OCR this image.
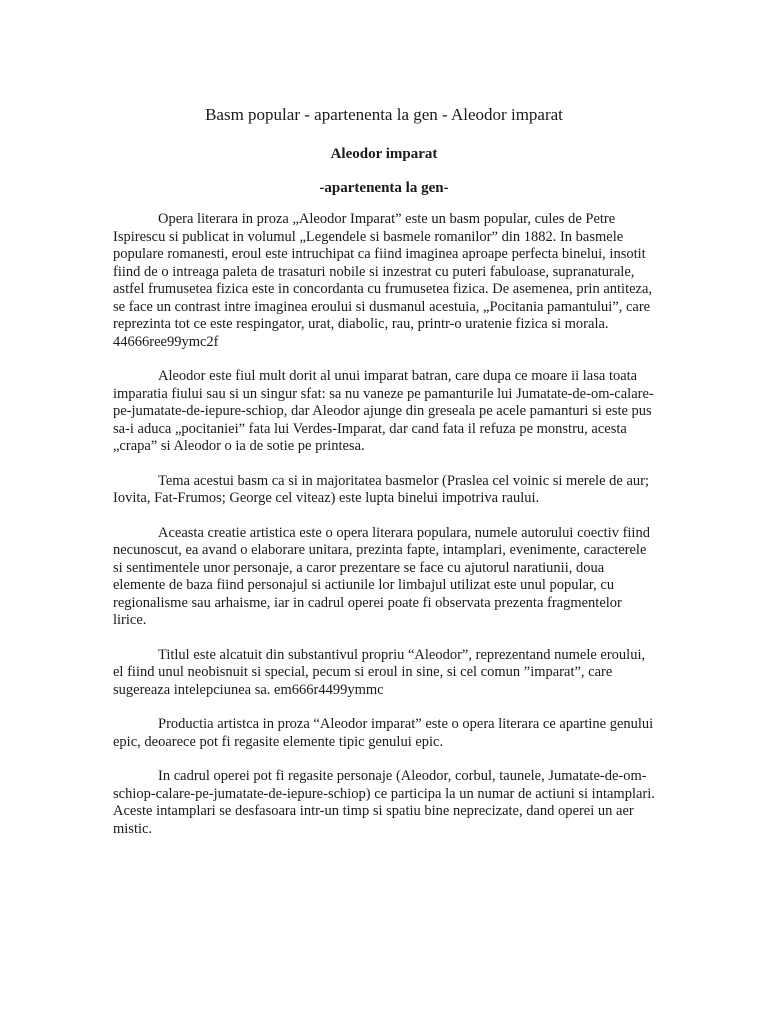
Basm popular - apartenenta la gen - Aleodor imparat
Aleodor imparat
-apartenenta la gen-

Opera literara in proza „Aleodor Imparat” este un basm popular, cules de Petre Ispirescu si publicat in volumul „Legendele si basmele romanilor” din 1882. In basmele populare romanesti, eroul este intruchipat ca fiind imaginea aproape perfecta binelui, insotit fiind de o intreaga paleta de trasaturi nobile si inzestrat cu puteri fabuloase, supranaturale, astfel frumusetea fizica este in concordanta cu frumusetea fizica. De asemenea, prin antiteza, se face un contrast intre imaginea eroului si dusmanul acestuia, „Pocitania pamantului”, care reprezinta tot ce este respingator, urat, diabolic, rau, printr-o uratenie fizica si morala. 44666ree99ymc2f

Aleodor este fiul mult dorit al unui imparat batran, care dupa ce moare ii lasa toata imparatia fiului sau si un singur sfat: sa nu vaneze pe pamanturile lui Jumatate-de-om-calare-pe-jumatate-de-iepure-schiop, dar Aleodor ajunge din greseala pe acele pamanturi si este pus sa-i aduca „pocitaniei” fata lui Verdes-Imparat, dar cand fata il refuza pe monstru, acesta „crapa” si Aleodor o ia de sotie pe printesa.

Tema acestui basm ca si in majoritatea basmelor (Praslea cel voinic si merele de aur; Iovita, Fat-Frumos; George cel viteaz) este lupta binelui impotriva raului.

Aceasta creatie artistica este o opera literara populara, numele autorului coectiv fiind necunoscut, ea avand o elaborare unitara, prezinta fapte, intamplari, evenimente, caracterele si sentimentele unor personaje, a caror prezentare se face cu ajutorul naratiunii, doua elemente de baza fiind personajul si actiunile lor limbajul utilizat este unul popular, cu regionalisme sau arhaisme, iar in cadrul operei poate fi observata prezenta fragmentelor lirice.

Titlul este alcatuit din substantivul propriu “Aleodor”, reprezentand numele eroului, el fiind unul neobisnuit si special, pecum si eroul in sine, si cel comun ”imparat”, care sugereaza intelepciunea sa. em666r4499ymmc

Productia artistca in proza “Aleodor imparat” este o opera literara ce apartine genului epic, deoarece pot fi regasite elemente tipic genului epic.

In cadrul operei pot fi regasite personaje (Aleodor, corbul, taunele, Jumatate-de-om-schiop-calare-pe-jumatate-de-iepure-schiop) ce participa la un numar de actiuni si intamplari. Aceste intamplari se desfasoara intr-un timp si spatiu bine neprecizate, dand operei un aer mistic.
